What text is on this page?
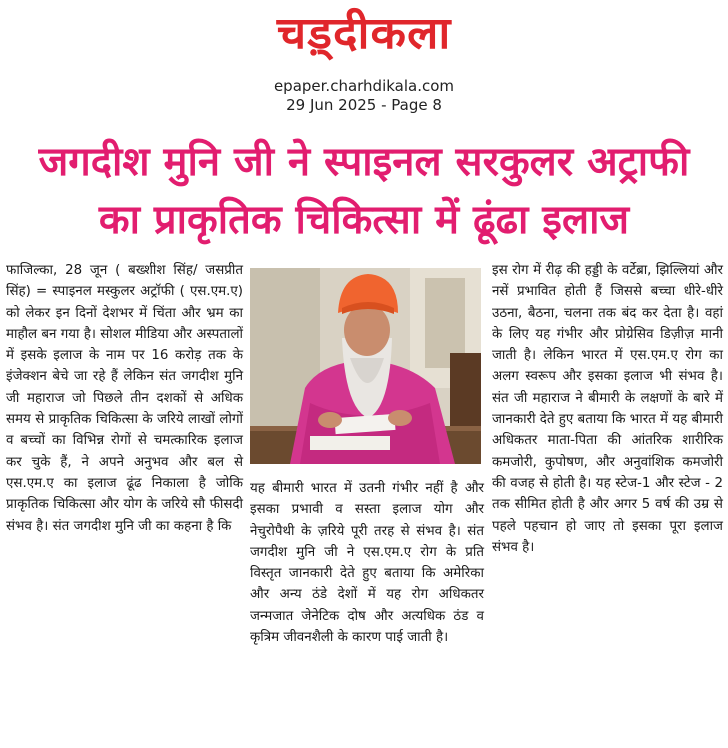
चड़्दीकला
epaper.charhdikala.com
29 Jun 2025 - Page 8
जगदीश मुनि जी ने स्पाइनल सरकुलर अट्राफी
का प्राकृतिक चिकित्सा में ढूंढा इलाज
फाजिल्का, 28 जून ( बख्शीश सिंह/ जसप्रीत सिंह) = स्पाइनल मस्कुलर अट्रॉफी ( एस.एम.ए) को लेकर इन दिनों देशभर में चिंता और भ्रम का माहौल बन गया है। सोशल मीडिया और अस्पतालों में इसके इलाज के नाम पर 16 करोड़ तक के इंजेक्शन बेचे जा रहे हैं लेकिन संत जगदीश मुनि जी महाराज जो पिछले तीन दशकों से अधिक समय से प्राकृतिक चिकित्सा के जरिये लाखों लोगों व बच्चों का विभिन्न रोगों से चमत्कारिक इलाज कर चुके हैं, ने अपने अनुभव और बल से एस.एम.ए का इलाज ढूंढ निकाला है जोकि प्राकृतिक चिकित्सा और योग के जरिये सौ फीसदी संभव है। संत जगदीश मुनि जी का कहना है कि
यह बीमारी भारत में उतनी गंभीर नहीं है और इसका प्रभावी व सस्ता इलाज योग और नेचुरोपैथी के ज़रिये पूरी तरह से संभव है। संत जगदीश मुनि जी ने एस.एम.ए रोग के प्रति विस्तृत जानकारी देते हुए बताया कि अमेरिका और अन्य ठंडे देशों में यह रोग अधिकतर जन्मजात जेनेटिक दोष और अत्यधिक ठंड व कृत्रिम जीवनशैली के कारण पाई जाती है।
इस रोग में रीढ़ की हड्डी के वर्टेब्रा, झिल्लियां और नसें प्रभावित होती हैं जिससे बच्चा धीरे-धीरे उठना, बैठना, चलना तक बंद कर देता है। वहां के लिए यह गंभीर और प्रोग्रेसिव डिज़ीज़ मानी जाती है। लेकिन भारत में एस.एम.ए रोग का अलग स्वरूप और इसका इलाज भी संभव है। संत जी महाराज ने बीमारी के लक्षणों के बारे में जानकारी देते हुए बताया कि भारत में यह बीमारी अधिकतर माता-पिता की आंतरिक शारीरिक कमजोरी, कुपोषण, और अनुवांशिक कमजोरी की वजह से होती है। यह स्टेज-1 और स्टेज - 2 तक सीमित होती है और अगर 5 वर्ष की उम्र से पहले पहचान हो जाए तो इसका पूरा इलाज संभव है।
